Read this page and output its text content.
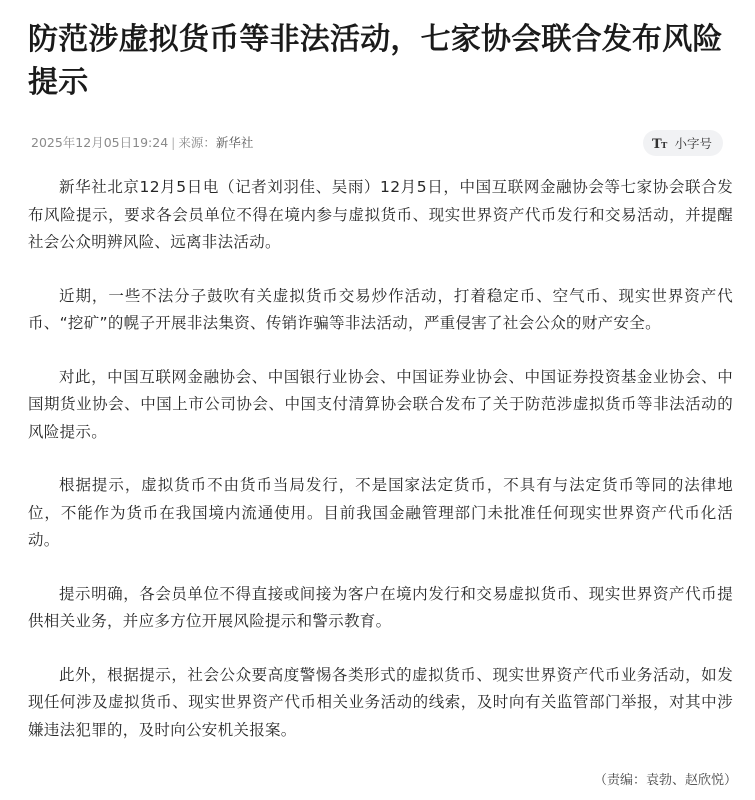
防范涉虚拟货币等非法活动，七家协会联合发布风险提示
2025年12月05日19:24 | 来源：新华社	T T 小字号

新华社北京12月5日电（记者刘羽佳、吴雨）12月5日，中国互联网金融协会等七家协会联合发布风险提示，要求各会员单位不得在境内参与虚拟货币、现实世界资产代币发行和交易活动，并提醒社会公众明辨风险、远离非法活动。

近期，一些不法分子鼓吹有关虚拟货币交易炒作活动，打着稳定币、空气币、现实世界资产代币、“挖矿”的幌子开展非法集资、传销诈骗等非法活动，严重侵害了社会公众的财产安全。

对此，中国互联网金融协会、中国银行业协会、中国证券业协会、中国证券投资基金业协会、中国期货业协会、中国上市公司协会、中国支付清算协会联合发布了关于防范涉虚拟货币等非法活动的风险提示。

根据提示，虚拟货币不由货币当局发行，不是国家法定货币，不具有与法定货币等同的法律地位，不能作为货币在我国境内流通使用。目前我国金融管理部门未批准任何现实世界资产代币化活动。

提示明确，各会员单位不得直接或间接为客户在境内发行和交易虚拟货币、现实世界资产代币提供相关业务，并应多方位开展风险提示和警示教育。

此外，根据提示，社会公众要高度警惕各类形式的虚拟货币、现实世界资产代币业务活动，如发现任何涉及虚拟货币、现实世界资产代币相关业务活动的线索，及时向有关监管部门举报，对其中涉嫌违法犯罪的，及时向公安机关报案。

（责编：袁勃、赵欣悦）
